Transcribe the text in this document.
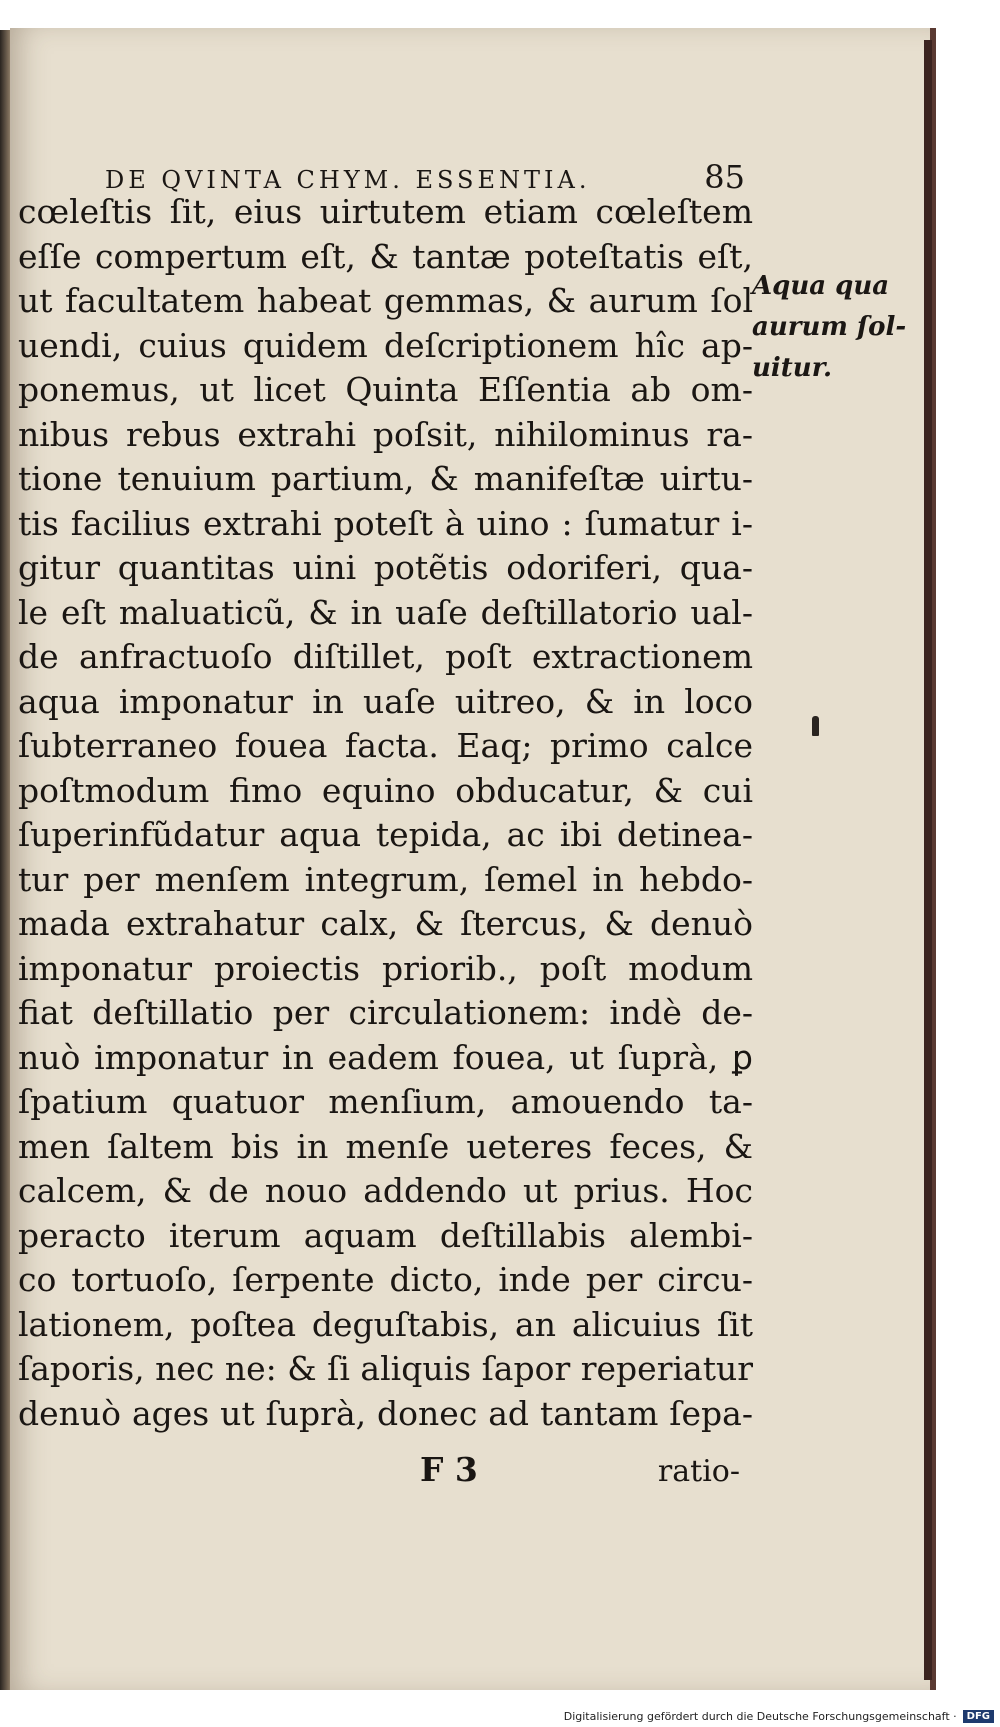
DE QVINTA CHYM. ESSENTIA.	85
cœleſtis ſit, eius uirtutem etiam cœleſtem
eſſe compertum eſt, & tantæ poteſtatis eſt,
ut facultatem habeat gemmas, & aurum ſol
uendi, cuius quidem deſcriptionem hîc ap-
ponemus, ut licet Quinta Eſſentia ab om-
nibus rebus extrahi poſsit, nihilominus ra-
tione tenuium partium, & manifeſtæ uirtu-
tis facilius extrahi poteſt à uino : ſumatur i-
gitur quantitas uini potẽtis odoriferi, qua-
le eſt maluaticũ, & in uaſe deſtillatorio ual-
de anfractuoſo diſtillet, poſt extractionem
aqua imponatur in uaſe uitreo, & in loco
ſubterraneo fouea facta. Eaq; primo calce
poſtmodum fimo equino obducatur, & cui
ſuperinfũdatur aqua tepida, ac ibi detinea-
tur per menſem integrum, ſemel in hebdo-
mada extrahatur calx, & ſtercus, & denuò
imponatur proiectis priorib., poſt modum
fiat deſtillatio per circulationem: indè de-
nuò imponatur in eadem fouea, ut ſuprà, ꝑ
ſpatium quatuor menſium, amouendo ta-
men ſaltem bis in menſe ueteres feces, &
calcem, & de nouo addendo ut prius. Hoc
peracto iterum aquam deſtillabis alembi-
co tortuoſo, ſerpente dicto, inde per circu-
lationem, poſtea deguſtabis, an alicuius ſit
ſaporis, nec ne: & ſi aliquis ſapor reperiatur
denuò ages ut ſuprà, donec ad tantam ſepa-
Aqua qua
aurum ſol-
uitur.
F 3	ratio-
Digitalisierung gefördert durch die Deutsche Forschungsgemeinschaft ·	DFG
